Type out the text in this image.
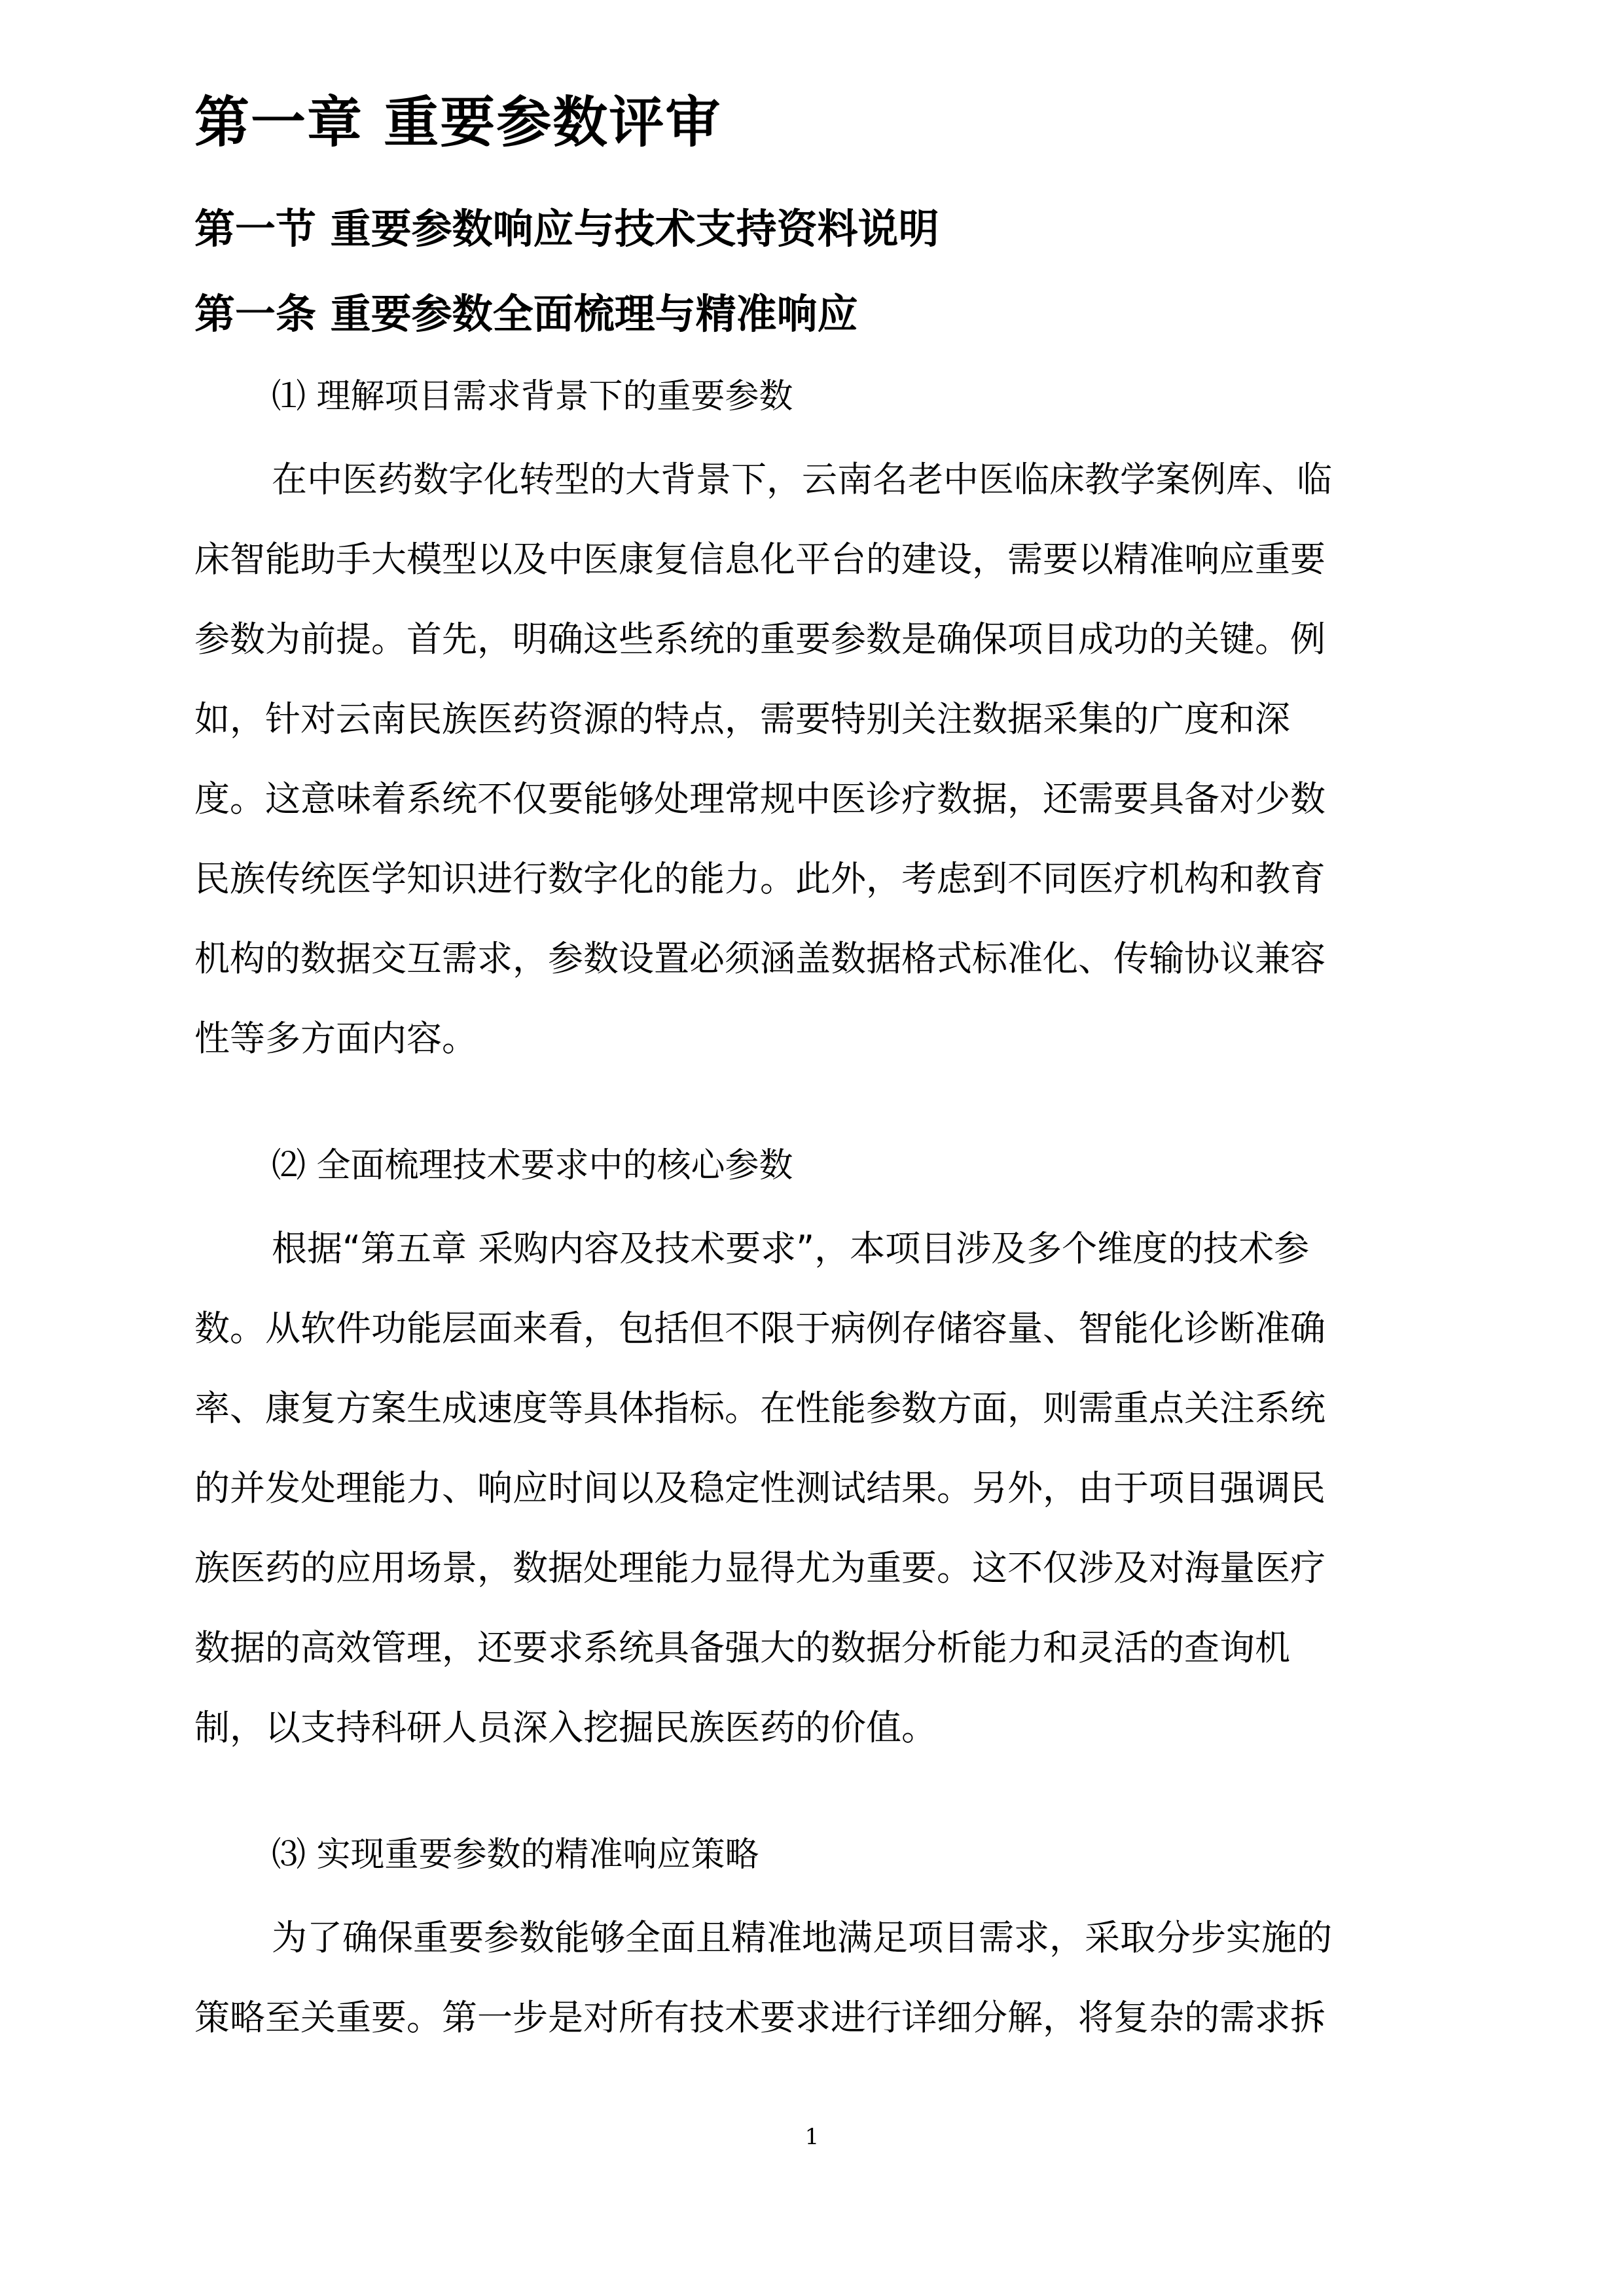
第一章 重要参数评审
第一节 重要参数响应与技术支持资料说明
第一条 重要参数全面梳理与精准响应
⑴ 理解项目需求背景下的重要参数
在中医药数字化转型的大背景下，云南名老中医临床教学案例库、临
床智能助手大模型以及中医康复信息化平台的建设，需要以精准响应重要
参数为前提。首先，明确这些系统的重要参数是确保项目成功的关键。例
如，针对云南民族医药资源的特点，需要特别关注数据采集的广度和深
度。这意味着系统不仅要能够处理常规中医诊疗数据，还需要具备对少数
民族传统医学知识进行数字化的能力。此外，考虑到不同医疗机构和教育
机构的数据交互需求，参数设置必须涵盖数据格式标准化、传输协议兼容
性等多方面内容。
⑵ 全面梳理技术要求中的核心参数
根据“第五章 采购内容及技术要求”，本项目涉及多个维度的技术参
数。从软件功能层面来看，包括但不限于病例存储容量、智能化诊断准确
率、康复方案生成速度等具体指标。在性能参数方面，则需重点关注系统
的并发处理能力、响应时间以及稳定性测试结果。另外，由于项目强调民
族医药的应用场景，数据处理能力显得尤为重要。这不仅涉及对海量医疗
数据的高效管理，还要求系统具备强大的数据分析能力和灵活的查询机
制，以支持科研人员深入挖掘民族医药的价值。
⑶ 实现重要参数的精准响应策略
为了确保重要参数能够全面且精准地满足项目需求，采取分步实施的
策略至关重要。第一步是对所有技术要求进行详细分解，将复杂的需求拆
1
